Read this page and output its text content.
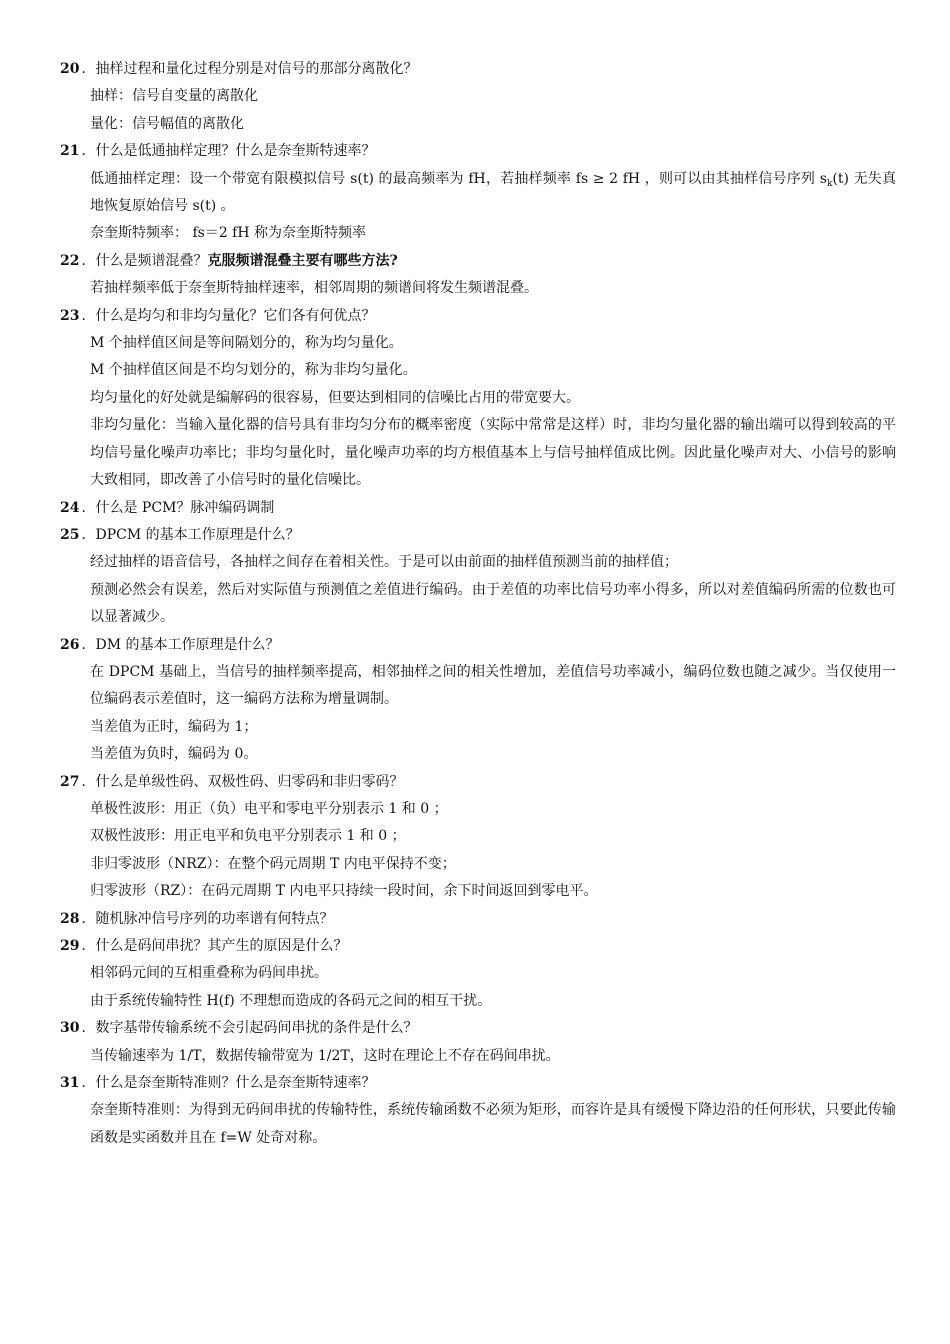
20 ．抽样过程和量化过程分别是对信号的那部分离散化？
抽样：信号自变量的离散化
量化：信号幅值的离散化
21 ．什么是低通抽样定理？什么是奈奎斯特速率？
低通抽样定理：设一个带宽有限模拟信号 s(t) 的最高频率为 fH，若抽样频率 fs ≥ 2 fH ，则可以由其抽样信号序列 $s_k(t)$ 无失真地恢复原始信号 s(t) 。
奈奎斯特频率： fs＝2 fH 称为奈奎斯特频率
22 ．什么是频谱混叠？ 克服频谱混叠主要有哪些方法?
若抽样频率低于奈奎斯特抽样速率，相邻周期的频谱间将发生频谱混叠。
23 ．什么是均匀和非均匀量化？它们各有何优点？
M 个抽样值区间是等间隔划分的，称为均匀量化。
M 个抽样值区间是不均匀划分的，称为非均匀量化。
均匀量化的好处就是编解码的很容易，但要达到相同的信噪比占用的带宽要大。
非均匀量化：当输入量化器的信号具有非均匀分布的概率密度（实际中常常是这样）时，非均匀量化器的输出端可以得到较高的平均信号量化噪声功率比；非均匀量化时，量化噪声功率的均方根值基本上与信号抽样值成比例。因此量化噪声对大、小信号的影响大致相同，即改善了小信号时的量化信噪比。
24 ．什么是 PCM？脉冲编码调制
25 ．DPCM 的基本工作原理是什么？
经过抽样的语音信号，各抽样之间存在着相关性。于是可以由前面的抽样值预测当前的抽样值；
预测必然会有误差，然后对实际值与预测值之差值进行编码。由于差值的功率比信号功率小得多，所以对差值编码所需的位数也可以显著减少。
26 ．DM 的基本工作原理是什么？
在 DPCM 基础上，当信号的抽样频率提高，相邻抽样之间的相关性增加，差值信号功率减小，编码位数也随之减少。当仅使用一位编码表示差值时，这一编码方法称为增量调制。
当差值为正时，编码为 1；
当差值为负时，编码为 0。
27 ．什么是单级性码、双极性码、归零码和非归零码？
单极性波形：用正（负）电平和零电平分别表示 1 和 0 ；
双极性波形：用正电平和负电平分别表示 1 和 0 ；
非归零波形（NRZ）：在整个码元周期 T 内电平保持不变；
归零波形（RZ）：在码元周期 T 内电平只持续一段时间，余下时间返回到零电平。
28 ．随机脉冲信号序列的功率谱有何特点？
29 ．什么是码间串扰？其产生的原因是什么？
相邻码元间的互相重叠称为码间串扰。
由于系统传输特性 H(f) 不理想而造成的各码元之间的相互干扰。
30 ．数字基带传输系统不会引起码间串扰的条件是什么？
当传输速率为 1/T，数据传输带宽为 1/2T，这时在理论上不存在码间串扰。
31 ．什么是奈奎斯特准则？什么是奈奎斯特速率？
奈奎斯特准则：为得到无码间串扰的传输特性，系统传输函数不必须为矩形，而容许是具有缓慢下降边沿的任何形状，只要此传输函数是实函数并且在 f=W 处奇对称。
